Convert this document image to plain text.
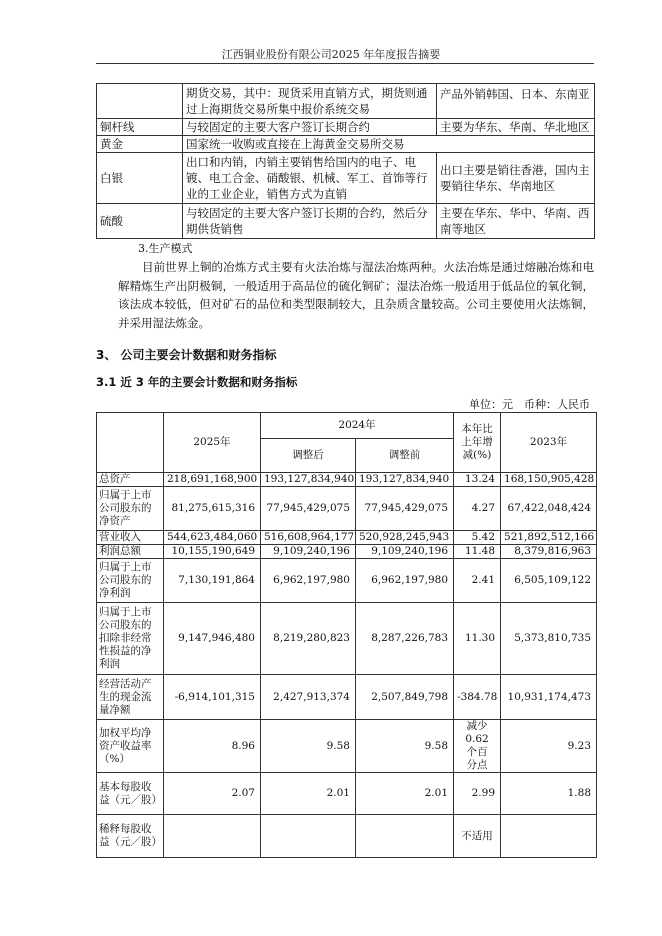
江西铜业股份有限公司2025 年年度报告摘要
	期货交易，其中：现货采用直销方式，期货则通过上海期货交易所集中报价系统交易	产品外销韩国、日本、东南亚
铜杆线	与较固定的主要大客户签订长期合约	主要为华东、华南、华北地区
黄金	国家统一收购或直接在上海黄金交易所交易	
白银	出口和内销，内销主要销售给国内的电子、电镀、电工合金、硝酸银、机械、军工、首饰等行业的工业企业，销售方式为直销	出口主要是销往香港，国内主要销往华东、华南地区
硫酸	与较固定的主要大客户签订长期的合约，然后分期供货销售	主要在华东、华中、华南、西南等地区
3.生产模式
目前世界上铜的冶炼方式主要有火法冶炼与湿法冶炼两种。火法冶炼是通过熔融冶炼和电解精炼生产出阴极铜，一般适用于高品位的硫化铜矿；湿法冶炼一般适用于低品位的氧化铜，该法成本较低，但对矿石的品位和类型限制较大，且杂质含量较高。公司主要使用火法炼铜，并采用湿法炼金。
3、 公司主要会计数据和财务指标
3.1 近 3 年的主要会计数据和财务指标
单位：元　币种：人民币
	2025年	2024年		本年比上年增减(%)	2023年
		调整后	调整前		
总资产	218,691,168,900	193,127,834,940	193,127,834,940	13.24	168,150,905,428
归属于上市公司股东的净资产	81,275,615,316	77,945,429,075	77,945,429,075	4.27	67,422,048,424
营业收入	544,623,484,060	516,608,964,177	520,928,245,943	5.42	521,892,512,166
利润总额	10,155,190,649	9,109,240,196	9,109,240,196	11.48	8,379,816,963
归属于上市公司股东的净利润	7,130,191,864	6,962,197,980	6,962,197,980	2.41	6,505,109,122
归属于上市公司股东的扣除非经常性损益的净利润	9,147,946,480	8,219,280,823	8,287,226,783	11.30	5,373,810,735
经营活动产生的现金流量净额	-6,914,101,315	2,427,913,374	2,507,849,798	-384.78	10,931,174,473
加权平均净资产收益率（%）	8.96	9.58	9.58	减少0.62个百分点	9.23
基本每股收益（元／股）	2.07	2.01	2.01	2.99	1.88
稀释每股收益（元／股）				不适用	
